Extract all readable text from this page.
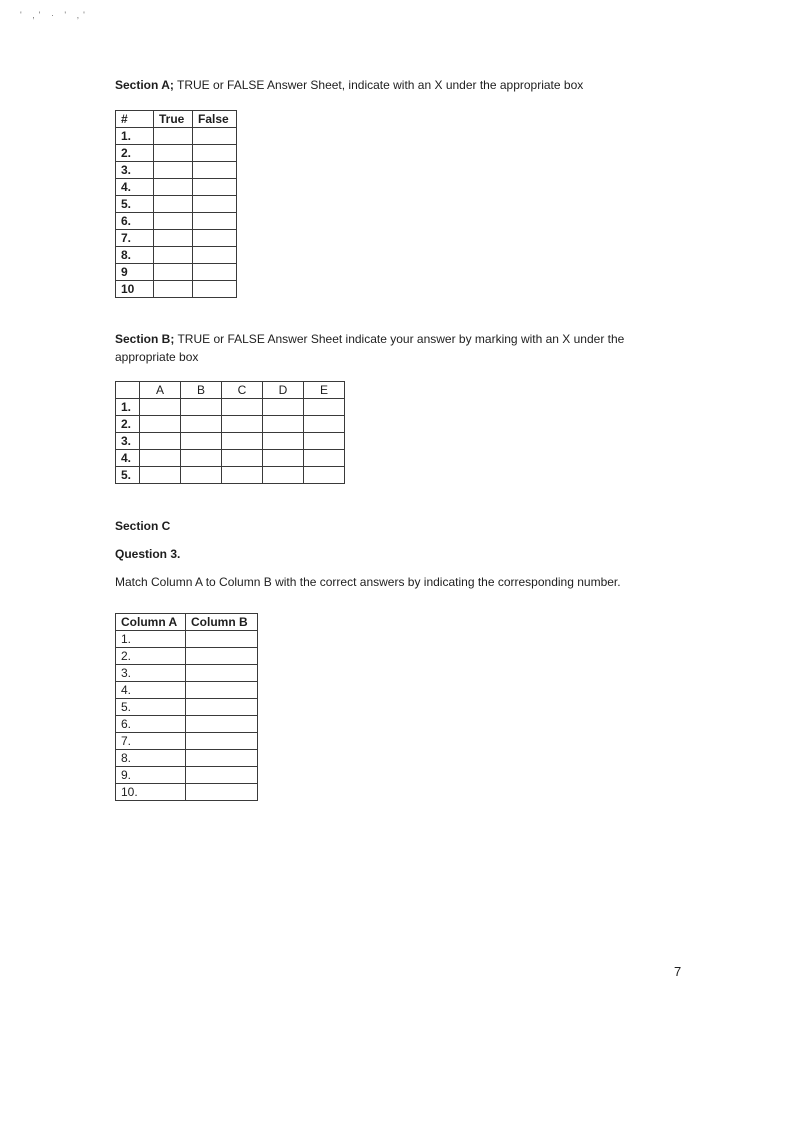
' ,' · ' ,'
Section A; TRUE or FALSE Answer Sheet, indicate with an X under the appropriate box
#	True	False
1.		
2.		
3.		
4.		
5.		
6.		
7.		
8.		
9		
10		
Section B; TRUE or FALSE Answer Sheet indicate your answer by marking with an X under the
appropriate box
	A	B	C	D	E
1.					
2.					
3.					
4.					
5.					
Section C
Question 3.
Match Column A to Column B with the correct answers by indicating the corresponding number.
Column A	Column B
1.	
2.	
3.	
4.	
5.	
6.	
7.	
8.	
9.	
10.	
7
